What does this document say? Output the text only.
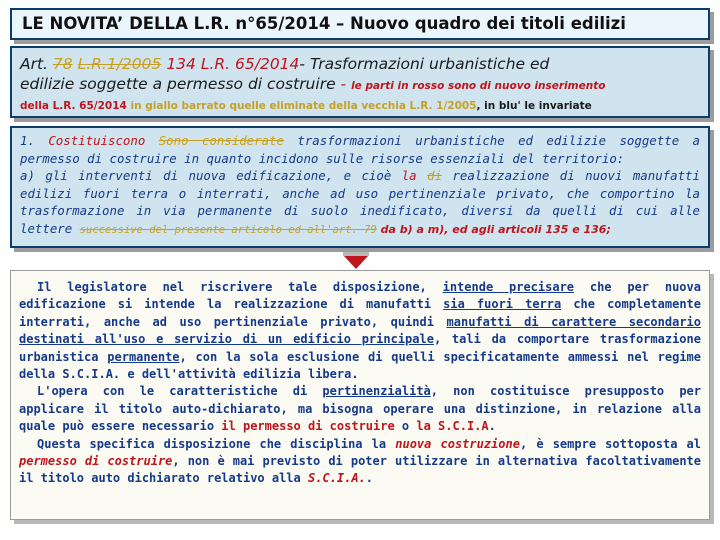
LE NOVITA’ DELLA L.R. n°65/2014 – Nuovo quadro dei titoli edilizi
Art. 78 L.R.1/2005 134 L.R. 65/2014- Trasformazioni urbanistiche ed
edilizie soggette a permesso di costruire - le parti in rosso sono di nuovo inserimento
della L.R. 65/2014 in giallo barrato quelle eliminate della vecchia L.R. 1/2005, in blu' le invariate
1. Costituiscono Sono considerate trasformazioni urbanistiche ed edilizie soggette a permesso di costruire in quanto incidono sulle risorse essenziali del territorio:
a) gli interventi di nuova edificazione, e cioè la di realizzazione di nuovi manufatti edilizi fuori terra o interrati, anche ad uso pertinenziale privato, che comportino la trasformazione in via permanente di suolo inedificato, diversi da quelli di cui alle lettere successive del presente articolo ed all'art. 79 da b) a m), ed agli articoli 135 e 136;

Il legislatore nel riscrivere tale disposizione, intende precisare che per nuova edificazione si intende la realizzazione di manufatti sia fuori terra che completamente interrati, anche ad uso pertinenziale privato, quindi manufatti di carattere secondario destinati all'uso e servizio di un edificio principale, tali da comportare trasformazione urbanistica permanente, con la sola esclusione di quelli specificatamente ammessi nel regime della S.C.I.A. e dell'attività edilizia libera.

L'opera con le caratteristiche di pertinenzialità, non costituisce presupposto per applicare il titolo auto-dichiarato, ma bisogna operare una distinzione, in relazione alla quale può essere necessario il permesso di costruire o la S.C.I.A.

Questa specifica disposizione che disciplina la nuova costruzione, è sempre sottoposta al permesso di costruire, non è mai previsto di poter utilizzare in alternativa facoltativamente il titolo auto dichiarato relativo alla S.C.I.A..
